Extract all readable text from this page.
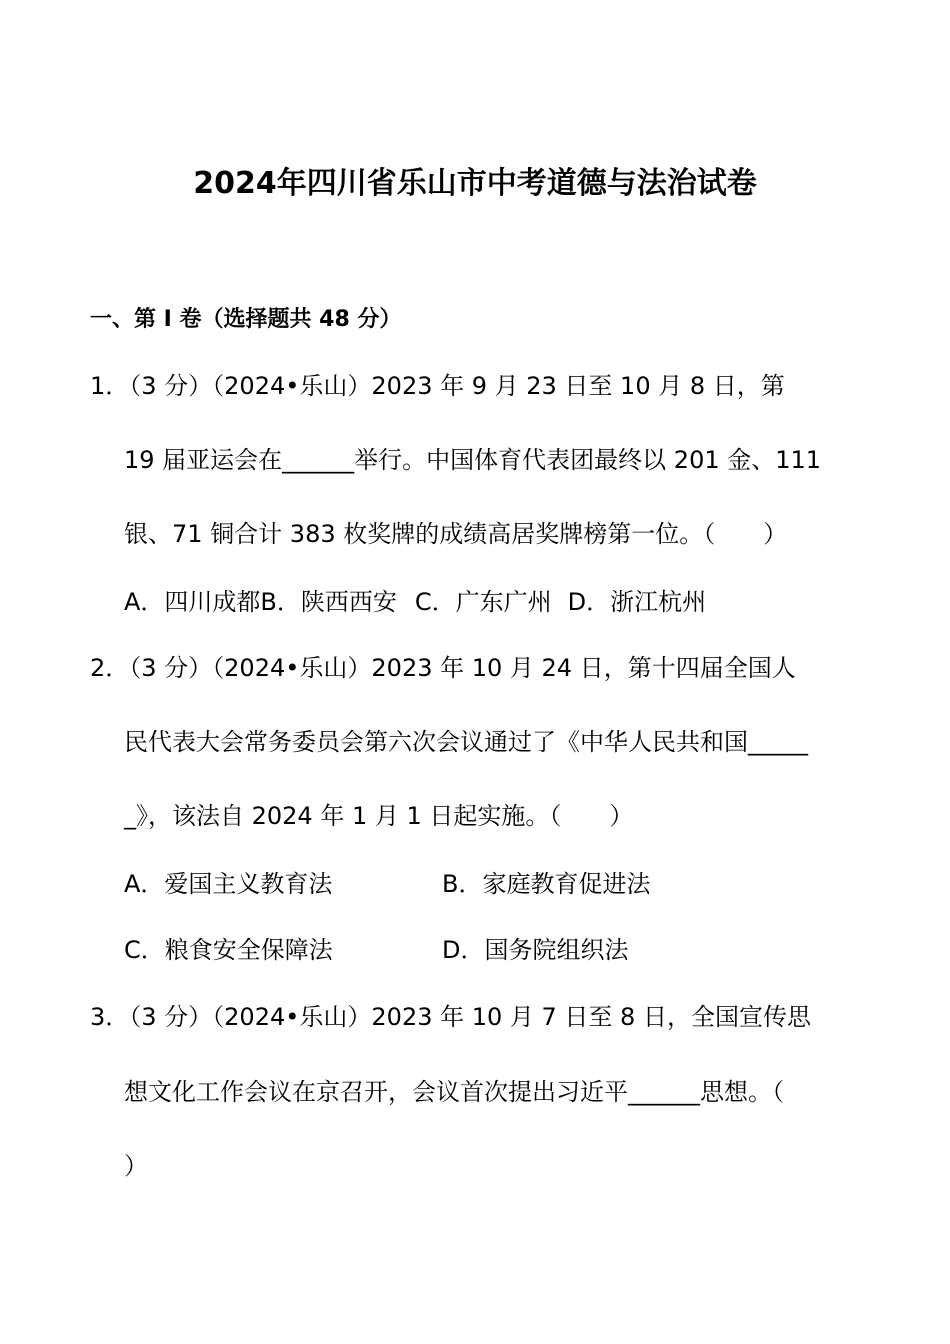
2024年四川省乐山市中考道德与法治试卷
一、第 I 卷（选择题共 48 分）
1．（3 分）（2024•乐山）2023 年 9 月 23 日至 10 月 8 日，第
19 届亚运会在______举行。中国体育代表团最终以 201 金、111
银、71 铜合计 383 枚奖牌的成绩高居奖牌榜第一位。（　　）
A．四川成都B．陕西西安 C．广东广州 D．浙江杭州
2．（3 分）（2024•乐山）2023 年 10 月 24 日，第十四届全国人
民代表大会常务委员会第六次会议通过了《中华人民共和国_____
_》，该法自 2024 年 1 月 1 日起实施。（　　）
A．爱国主义教育法	B．家庭教育促进法
C．粮食安全保障法	D．国务院组织法
3．（3 分）（2024•乐山）2023 年 10 月 7 日至 8 日，全国宣传思
想文化工作会议在京召开，会议首次提出习近平______思想。（
）
